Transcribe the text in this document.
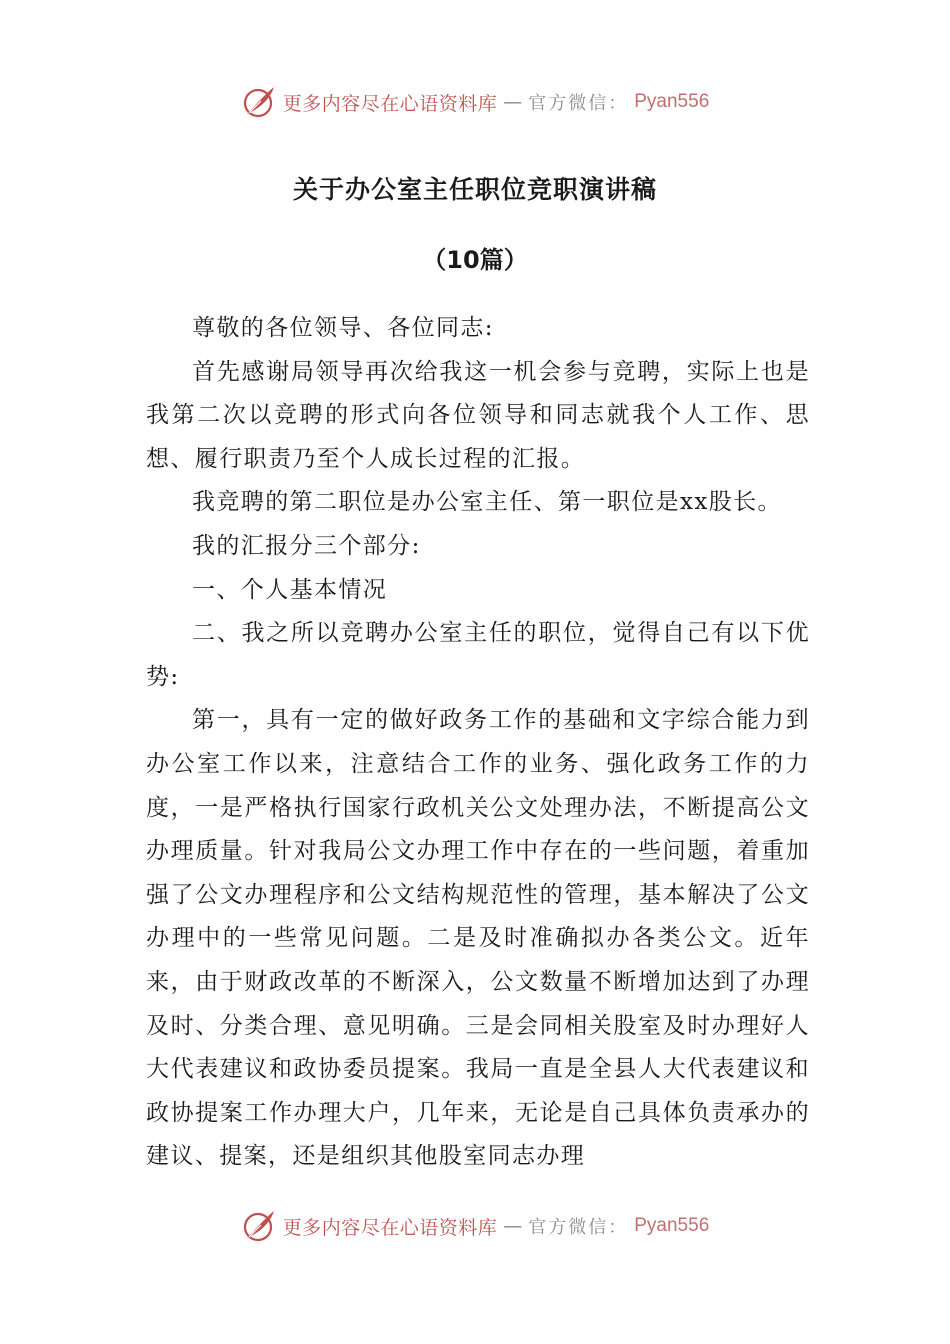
更多内容尽在心语资料库 — 官方微信： Pyan556
关于办公室主任职位竞职演讲稿
（10篇）

尊敬的各位领导、各位同志:

首先感谢局领导再次给我这一机会参与竞聘，实际上也是我第二次以竞聘的形式向各位领导和同志就我个人工作、思想、履行职责乃至个人成长过程的汇报。

我竞聘的第二职位是办公室主任、第一职位是xx股长。

我的汇报分三个部分:

一、个人基本情况

二、我之所以竞聘办公室主任的职位，觉得自己有以下优势:

第一，具有一定的做好政务工作的基础和文字综合能力到办公室工作以来，注意结合工作的业务、强化政务工作的力度，一是严格执行国家行政机关公文处理办法，不断提高公文办理质量。针对我局公文办理工作中存在的一些问题，着重加强了公文办理程序和公文结构规范性的管理，基本解决了公文办理中的一些常见问题。二是及时准确拟办各类公文。近年来，由于财政改革的不断深入，公文数量不断增加达到了办理及时、分类合理、意见明确。三是会同相关股室及时办理好人大代表建议和政协委员提案。我局一直是全县人大代表建议和政协提案工作办理大户，几年来，无论是自己具体负责承办的建议、提案，还是组织其他股室同志办理

更多内容尽在心语资料库 — 官方微信： Pyan556
